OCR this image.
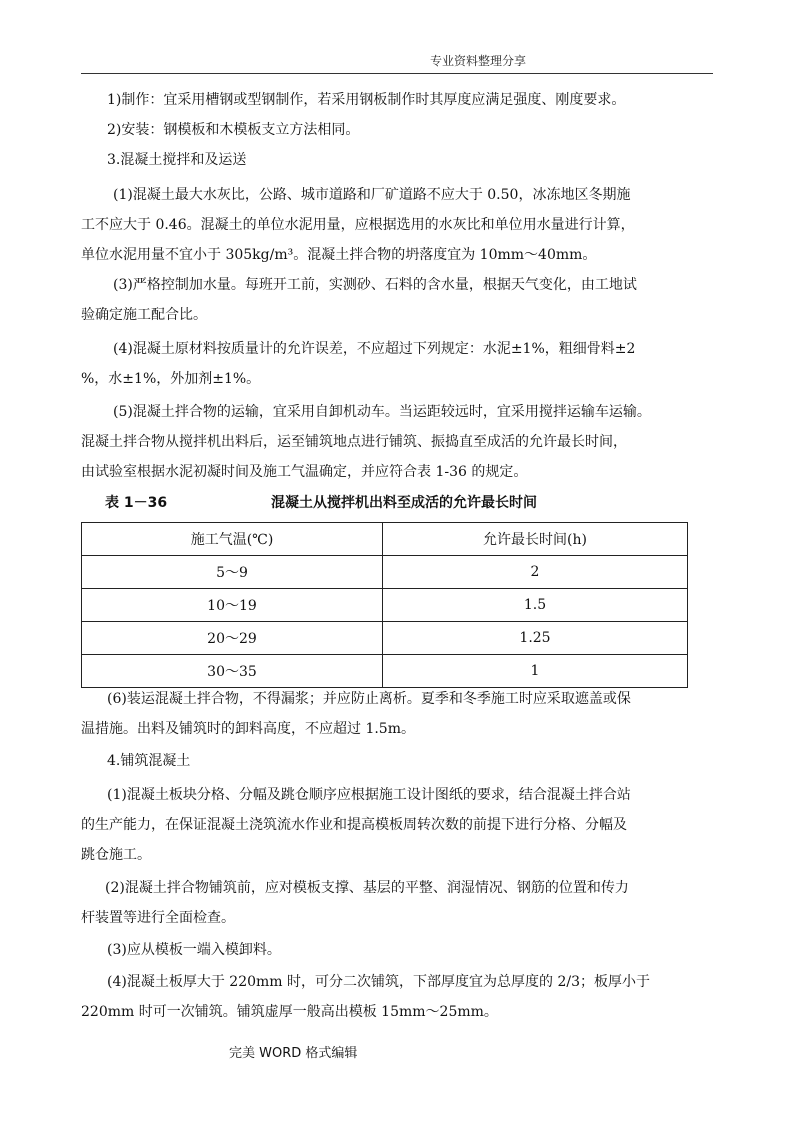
专业资料整理分享
1)制作：宜采用槽钢或型钢制作，若采用钢板制作时其厚度应满足强度、刚度要求。
2)安装：钢模板和木模板支立方法相同。
3.混凝土搅拌和及运送
(1)混凝土最大水灰比，公路、城市道路和厂矿道路不应大于 0.50，冰冻地区冬期施
工不应大于 0.46。混凝土的单位水泥用量，应根据选用的水灰比和单位用水量进行计算，
单位水泥用量不宜小于 305kg/m³。混凝土拌合物的坍落度宜为 10mm～40mm。
(3)严格控制加水量。每班开工前，实测砂、石料的含水量，根据天气变化，由工地试
验确定施工配合比。
(4)混凝土原材料按质量计的允许误差，不应超过下列规定：水泥±1%，粗细骨料±2
%，水±1%，外加剂±1%。
(5)混凝土拌合物的运输，宜采用自卸机动车。当运距较远时，宜采用搅拌运输车运输。
混凝土拌合物从搅拌机出料后，运至铺筑地点进行铺筑、振捣直至成活的允许最长时间，
由试验室根据水泥初凝时间及施工气温确定，并应符合表 1-36 的规定。
表 1－36	混凝土从搅拌机出料至成活的允许最长时间
施工气温(℃)	允许最长时间(h)
5～9	2
10～19	1.5
20～29	1.25
30～35	1
(6)装运混凝土拌合物，不得漏浆；并应防止离析。夏季和冬季施工时应采取遮盖或保
温措施。出料及铺筑时的卸料高度，不应超过 1.5m。
4.铺筑混凝土
(1)混凝土板块分格、分幅及跳仓顺序应根据施工设计图纸的要求，结合混凝土拌合站
的生产能力，在保证混凝土浇筑流水作业和提高模板周转次数的前提下进行分格、分幅及
跳仓施工。
(2)混凝土拌合物铺筑前，应对模板支撑、基层的平整、润湿情况、钢筋的位置和传力
杆装置等进行全面检查。
(3)应从模板一端入模卸料。
(4)混凝土板厚大于 220mm 时，可分二次铺筑，下部厚度宜为总厚度的 2/3；板厚小于
220mm 时可一次铺筑。铺筑虚厚一般高出模板 15mm～25mm。
完美 WORD 格式编辑
